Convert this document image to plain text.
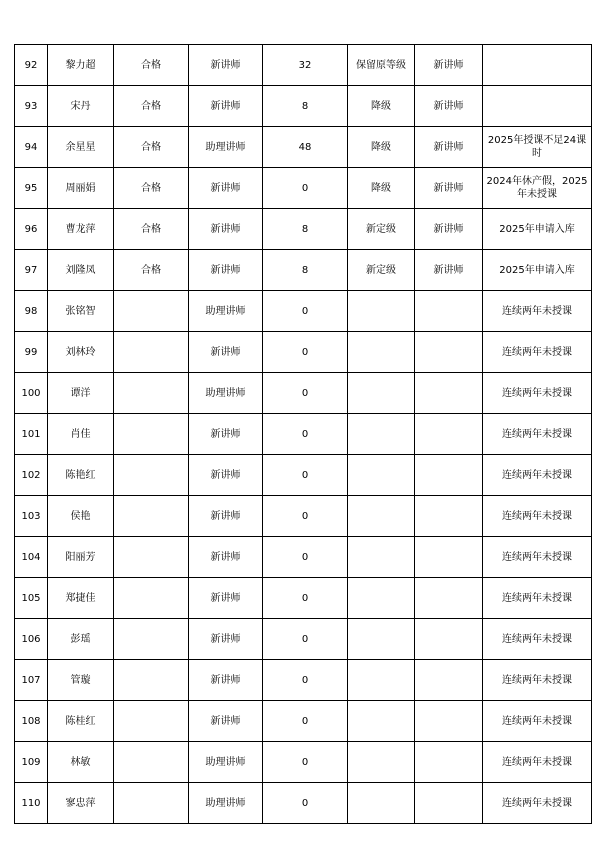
92	黎力超	合格	新讲师	32	保留原等级	新讲师	
93	宋丹	合格	新讲师	8	降级	新讲师	
94	余星星	合格	助理讲师	48	降级	新讲师	2025年授课不足24课时
95	周丽娟	合格	新讲师	0	降级	新讲师	2024年休产假，2025年未授课
96	曹龙萍	合格	新讲师	8	新定级	新讲师	2025年申请入库
97	刘隆凤	合格	新讲师	8	新定级	新讲师	2025年申请入库
98	张铭智		助理讲师	0			连续两年未授课
99	刘林玲		新讲师	0			连续两年未授课
100	谭洋		助理讲师	0			连续两年未授课
101	肖佳		新讲师	0			连续两年未授课
102	陈艳红		新讲师	0			连续两年未授课
103	侯艳		新讲师	0			连续两年未授课
104	阳丽芳		新讲师	0			连续两年未授课
105	郑捷佳		新讲师	0			连续两年未授课
106	彭瑶		新讲师	0			连续两年未授课
107	管璇		新讲师	0			连续两年未授课
108	陈桂红		新讲师	0			连续两年未授课
109	林敏		助理讲师	0			连续两年未授课
110	寥忠萍		助理讲师	0			连续两年未授课
